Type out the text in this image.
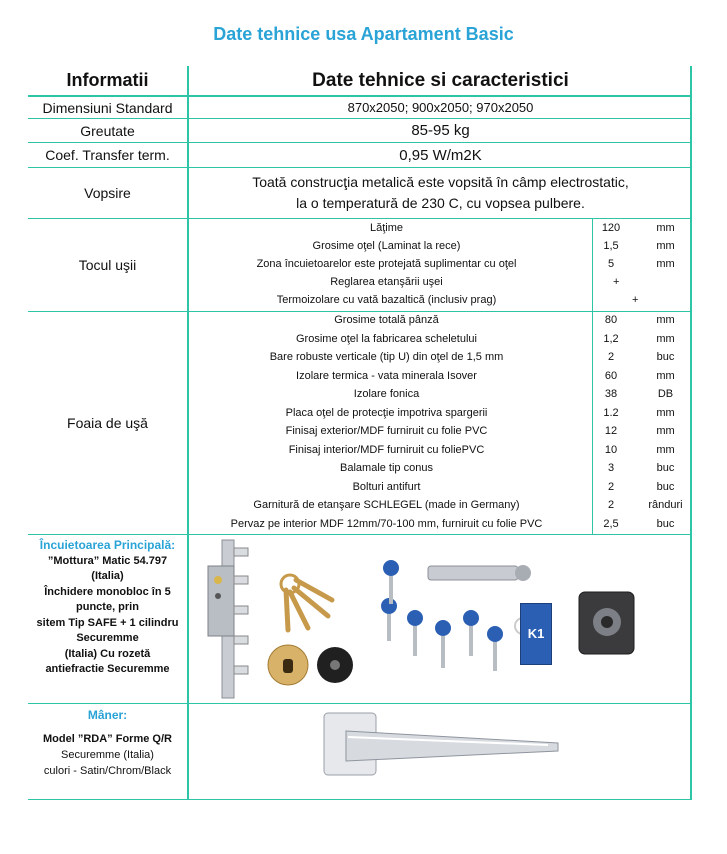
Date tehnice usa Apartament Basic
Informatii	Date tehnice si caracteristici
Dimensiuni Standard	870x2050; 900x2050; 970x2050
Greutate	85-95 kg
Coef. Transfer term.	0,95 W/m2K
Vopsire
Toată construcţia metalică este vopsită în câmp electrostatic,
la o temperatură de 230 C, cu vopsea pulbere.
Tocul uşii
Lăţime	120	mm
Grosime oţel (Laminat la rece)	1,5	mm
Zona încuietoarelor este protejată suplimentar cu oţel	5	mm
Reglarea etanşării uşei	+
Termoizolare cu vată bazaltică (inclusiv prag)	+
Foaia de uşă
Grosime totală pânză	80	mm
Grosime oţel la fabricarea scheletului	1,2	mm
Bare robuste verticale (tip U) din oţel de 1,5 mm	2	buc
Izolare termica - vata minerala Isover	60	mm
Izolare fonica	38	DB
Placa oţel de protecţie impotriva spargerii	1.2	mm
Finisaj exterior/MDF furniruit cu folie PVC	12	mm
Finisaj interior/MDF furniruit cu foliePVC	10	mm
Balamale tip conus	3	buc
Bolturi antifurt	2	buc
Garnitură de etanşare SCHLEGEL (made in Germany)	2	rânduri
Pervaz pe interior MDF 12mm/70-100 mm, furniruit cu folie PVC	2,5	buc
Încuietoarea Principală:
”Mottura” Matic 54.797
(Italia)
Închidere monobloc în 5
puncte, prin
sitem Tip SAFE + 1 cilindru
Securemme
(Italia) Cu rozetă
antiefractie Securemme
K1
Mâner:
Model ”RDA” Forme Q/R
Securemme (Italia)
culori - Satin/Chrom/Black
